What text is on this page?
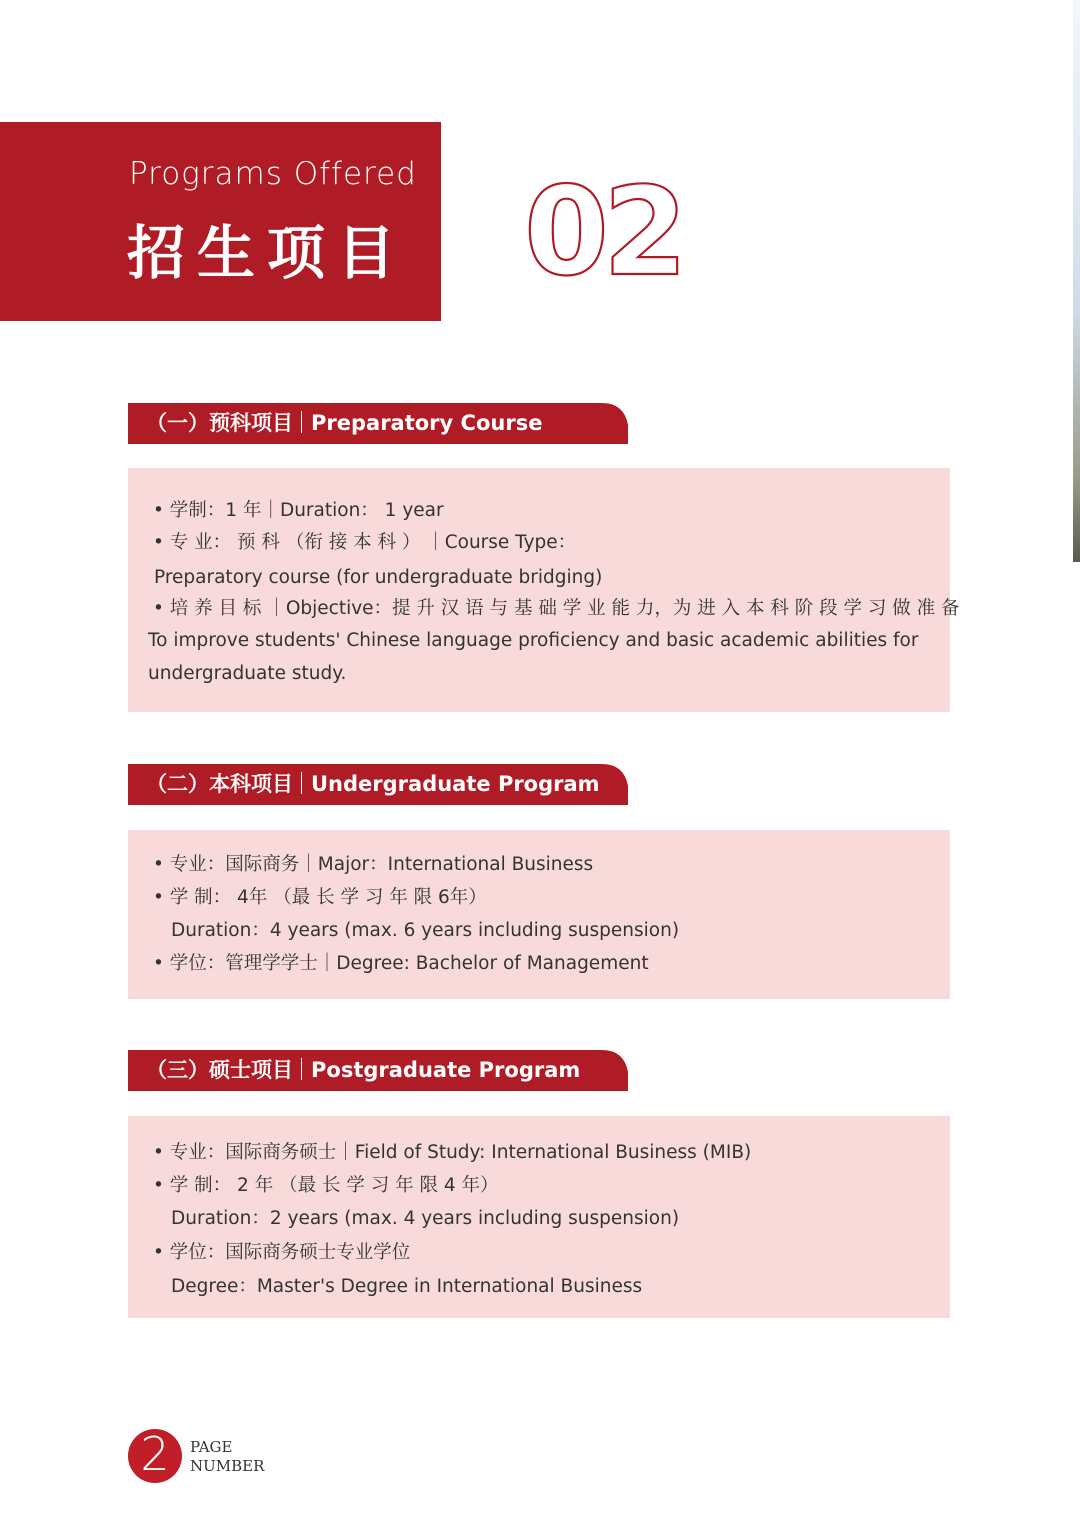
Programs Offered
招生项目 02
（一）预科项目 Preparatory Course
• 学制：1 年｜Duration： 1 year
• 专 业： 预 科 （衔 接 本 科 ） ｜Course Type：
Preparatory course (for undergraduate bridging)
• 培 养 目 标 ｜Objective：提 升 汉 语 与 基 础 学 业 能 力，为 进 入 本 科 阶 段 学 习 做 准 备
To improve students' Chinese language proficiency and basic academic abilities for
undergraduate study.
（二）本科项目 Undergraduate Program
• 专业：国际商务｜Major：International Business
• 学 制： 4年 （最 长 学 习 年 限 6年）
Duration：4 years (max. 6 years including suspension)
• 学位：管理学学士｜Degree: Bachelor of Management
（三）硕士项目 Postgraduate Program
• 专业：国际商务硕士｜Field of Study: International Business (MIB)
• 学 制： 2 年 （最 长 学 习 年 限 4 年）
Duration：2 years (max. 4 years including suspension)
• 学位：国际商务硕士专业学位
Degree：Master's Degree in International Business
2	PAGE
NUMBER
